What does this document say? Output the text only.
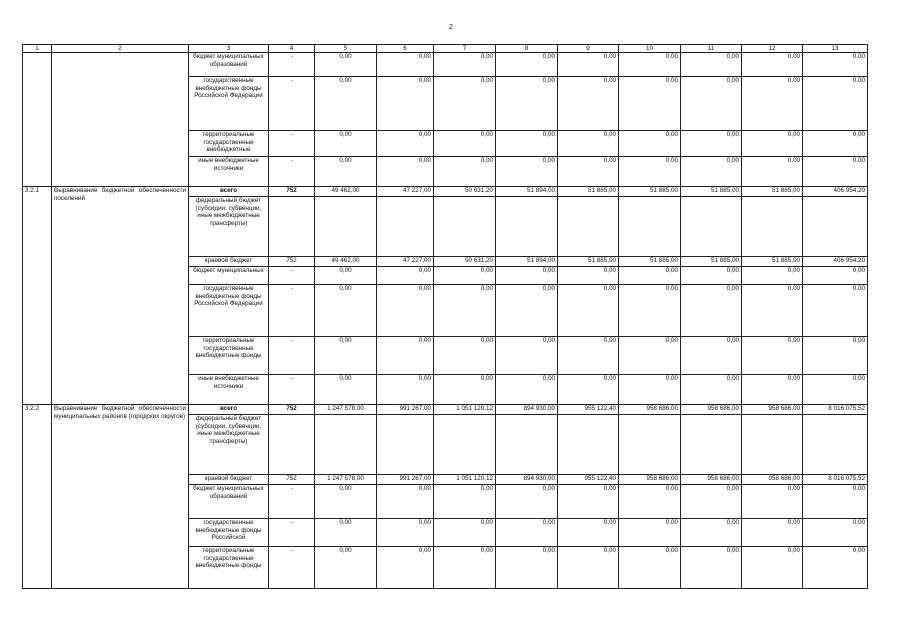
2
1	2	3	4	5	6	7	8	9	10	11	12	13
		бюджет муниципальных образований	-	0,00	0,00	0,00	0,00	0,00	0,00	0,00	0,00	0,00
		государственные внебюджетные фонды Российской Федерации	-	0,00	0,00	0,00	0,00	0,00	0,00	0,00	0,00	0,00
		территориальные государственные внебюджетные	-	0,00	0,00	0,00	0,00	0,00	0,00	0,00	0,00	0,00
		иные внебюджетные источники	-	0,00	0,00	0,00	0,00	0,00	0,00	0,00	0,00	0,00
3.2.1	Выравнивание бюджетной обеспеченности поселений	всего	752	49 462,00	47 227,00	50 631,20	51 894,00	51 885,00	51 885,00	51 885,00	51 885,00	406 954,20
		федеральный бюджет (субсидии, субвенции, иные межбюджетные трансферты)										
		краевой бюджет	752	49 462,00	47 227,00	50 631,20	51 894,00	51 885,00	51 885,00	51 885,00	51 885,00	406 954,20
		бюджет муниципальных	-	0,00	0,00	0,00	0,00	0,00	0,00	0,00	0,00	0,00
		государственные внебюджетные фонды Российской Федерации	-	0,00	0,00	0,00	0,00	0,00	0,00	0,00	0,00	0,00
		территориальные государственные внебюджетные фонды	-	0,00	0,00	0,00	0,00	0,00	0,00	0,00	0,00	0,00
		иные внебюджетные источники	-	0,00	0,00	0,00	0,00	0,00	0,00	0,00	0,00	0,00
3.2.2	Выравнивание бюджетной обеспеченности муниципальных районов (городских округов)	всего	752	1 247 578,00	991 267,00	1 051 120,12	894 930,00	955 122,40	958 686,00	958 686,00	958 686,00	8 016 075,52
		федеральный бюджет (субсидии, субвенции, иные межбюджетные трансферты)										
		краевой бюджет	752	1 247 578,00	991 267,00	1 051 120,12	894 930,00	955 122,40	958 686,00	958 686,00	958 686,00	8 016 075,52
		бюджет муниципальных образований	-	0,00	0,00	0,00	0,00	0,00	0,00	0,00	0,00	0,00
		государственные внебюджетные фонды Российской	-	0,00	0,00	0,00	0,00	0,00	0,00	0,00	0,00	0,00
		территориальные государственные внебюджетные фонды	-	0,00	0,00	0,00	0,00	0,00	0,00	0,00	0,00	0,00
